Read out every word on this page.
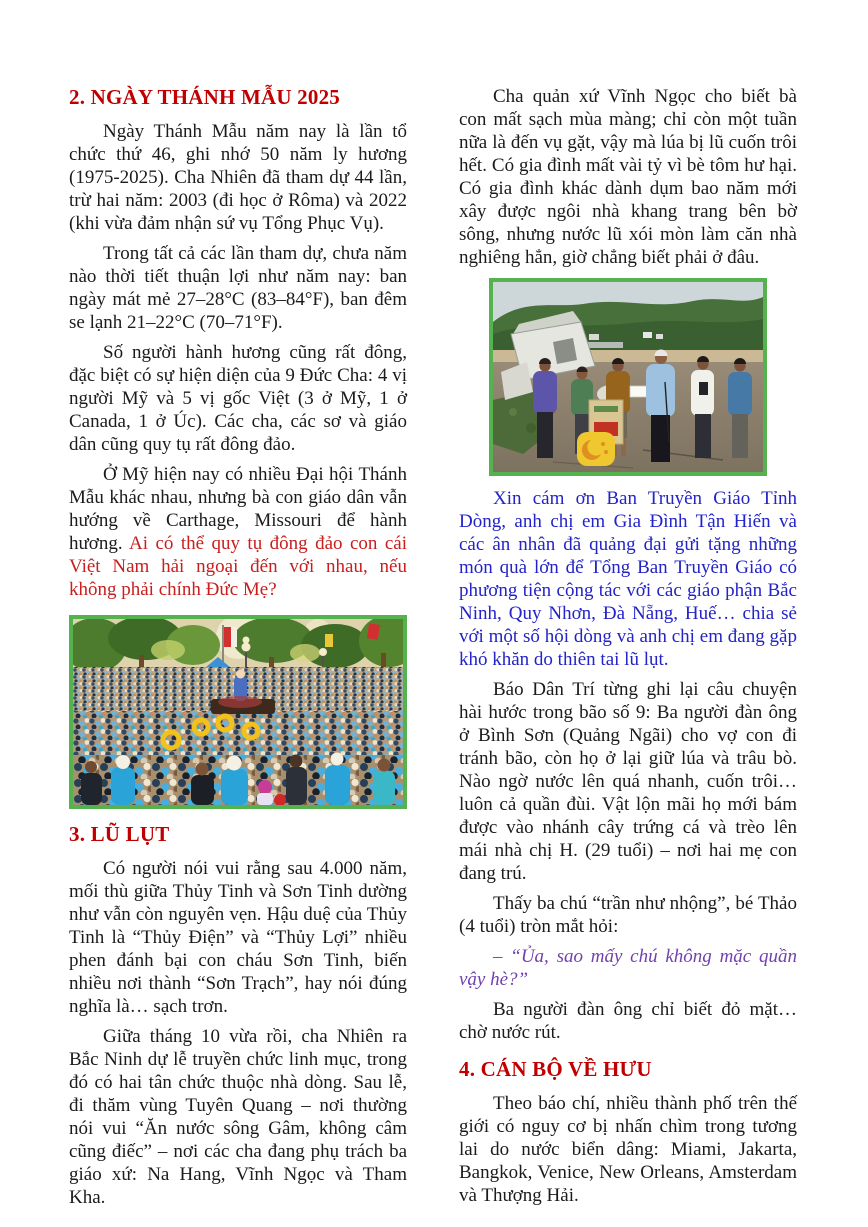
2. NGÀY THÁNH MẪU 2025

Ngày Thánh Mẫu năm nay là lần tổ chức thứ 46, ghi nhớ 50 năm ly hương (1975-2025). Cha Nhiên đã tham dự 44 lần, trừ hai năm: 2003 (đi học ở Rôma) và 2022 (khi vừa đảm nhận sứ vụ Tổng Phục Vụ).

Trong tất cả các lần tham dự, chưa năm nào thời tiết thuận lợi như năm nay: ban ngày mát mẻ 27–28°C (83–84°F), ban đêm se lạnh 21–22°C (70–71°F).

Số người hành hương cũng rất đông, đặc biệt có sự hiện diện của 9 Đức Cha: 4 vị người Mỹ và 5 vị gốc Việt (3 ở Mỹ, 1 ở Canada, 1 ở Úc). Các cha, các sơ và giáo dân cũng quy tụ rất đông đảo.

Ở Mỹ hiện nay có nhiều Đại hội Thánh Mẫu khác nhau, nhưng bà con giáo dân vẫn hướng về Carthage, Missouri để hành hương. Ai có thể quy tụ đông đảo con cái Việt Nam hải ngoại đến với nhau, nếu không phải chính Đức Mẹ?

3. LŨ LỤT

Có người nói vui rằng sau 4.000 năm, mối thù giữa Thủy Tinh và Sơn Tinh dường như vẫn còn nguyên vẹn. Hậu duệ của Thủy Tinh là “Thủy Điện” và “Thủy Lợi” nhiều phen đánh bại con cháu Sơn Tinh, biến nhiều nơi thành “Sơn Trạch”, hay nói đúng nghĩa là… sạch trơn.

Giữa tháng 10 vừa rồi, cha Nhiên ra Bắc Ninh dự lễ truyền chức linh mục, trong đó có hai tân chức thuộc nhà dòng. Sau lễ, đi thăm vùng Tuyên Quang – nơi thường nói vui “Ăn nước sông Gâm, không câm cũng điếc” – nơi các cha đang phụ trách ba giáo xứ: Na Hang, Vĩnh Ngọc và Tham Kha.

Cha quản xứ Vĩnh Ngọc cho biết bà con mất sạch mùa màng; chỉ còn một tuần nữa là đến vụ gặt, vậy mà lúa bị lũ cuốn trôi hết. Có gia đình mất vài tỷ vì bè tôm hư hại. Có gia đình khác dành dụm bao năm mới xây được ngôi nhà khang trang bên bờ sông, nhưng nước lũ xói mòn làm căn nhà nghiêng hẳn, giờ chẳng biết phải ở đâu.

Xin cám ơn Ban Truyền Giáo Tỉnh Dòng, anh chị em Gia Đình Tận Hiến và các ân nhân đã quảng đại gửi tặng những món quà lớn để Tổng Ban Truyền Giáo có phương tiện cộng tác với các giáo phận Bắc Ninh, Quy Nhơn, Đà Nẵng, Huế… chia sẻ với một số hội dòng và anh chị em đang gặp khó khăn do thiên tai lũ lụt.

Báo Dân Trí từng ghi lại câu chuyện hài hước trong bão số 9: Ba người đàn ông ở Bình Sơn (Quảng Ngãi) cho vợ con đi tránh bão, còn họ ở lại giữ lúa và trâu bò. Nào ngờ nước lên quá nhanh, cuốn trôi… luôn cả quần đùi. Vật lộn mãi họ mới bám được vào nhánh cây trứng cá và trèo lên mái nhà chị H. (29 tuổi) – nơi hai mẹ con đang trú.

Thấy ba chú “trần như nhộng”, bé Thảo (4 tuổi) tròn mắt hỏi:

– “Ủa, sao mấy chú không mặc quần vậy hè?”

Ba người đàn ông chỉ biết đỏ mặt… chờ nước rút.

4. CÁN BỘ VỀ HƯU

Theo báo chí, nhiều thành phố trên thế giới có nguy cơ bị nhấn chìm trong tương lai do nước biển dâng: Miami, Jakarta, Bangkok, Venice, New Orleans, Amsterdam và Thượng Hải.
